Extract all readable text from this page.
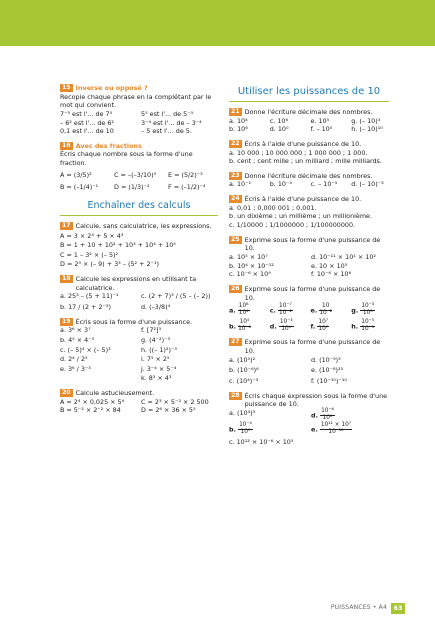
15 Inverse ou opposé ?
Recopie chaque phrase en la complétant par le mot qui convient.
7⁻⁵ est l'... de 7⁵	5⁵ est l'... de 5⁻⁵
– 6² est l'... de 6²	3⁻⁴ est l'... de – 3⁻⁴
0,1 est l'... de 10	– 5 est l'... de 5.
16 Avec des fractions
Écris chaque nombre sous la forme d'une fraction.
A = (3/5)²	C = –(–3/10)⁵	E = (5/2)⁻³
B = (–1/4)⁻¹	D = (1/3)⁻²	F = (–1/2)⁻⁴
Enchaîner des calculs
17 Calcule, sans calculatrice, les expressions.
A = 3 × 2⁴ + 5 × 4³
B = 1 + 10 + 10² + 10³ + 10⁴ + 10⁵
C = 1 – 3² × (– 5)²
D = 2³ × (– 9) + 3³ – (5² + 2⁻¹)
18 Calcule les expressions en utilisant ta calculatrice.
a. 25³ – (5 + 11)⁻¹	c. (2 + 7)³ / (5 – (– 2))
b. 17 / (2 + 2⁻³)	d. (–3/8)⁴
19 Écris sous la forme d'une puissance.
a. 3⁶ × 3⁷	f. [7²]³
b. 4⁵ × 4⁻⁵	g. (4⁻²)⁻³
c. (– 5)⁴ × (– 5)³	h. ((– 1)²)⁻³
d. 2⁴ / 2⁵	i. 7⁵ × 2⁵
e. 3⁶ / 3⁻³	j. 3⁻⁴ × 5⁻⁴
k. 8³ × 4³
20 Calcule astucieusement.
A = 2⁴ × 0,025 × 5⁴	C = 2³ × 5⁻³ × 2 500
B = 5⁻² × 2⁻² × 84	D = 2⁶ × 36 × 5⁵
Utiliser les puissances de 10
21 Donne l'écriture décimale des nombres.
a. 10⁴	c. 10⁶	e. 10⁵	g. (– 10)³
b. 10⁶	d. 10⁰	f. – 10⁰	h. (– 10)¹⁰
22 Écris à l'aide d'une puissance de 10.
a. 10 000 ; 10 000 000 ; 1 000 000 ; 1 000.
b. cent ; cent mille ; un milliard ; mille milliards.
23 Donne l'écriture décimale des nombres.
a. 10⁻¹	b. 10⁻⁴	c. – 10⁻⁵	d. (– 10)⁻³
24 Écris à l'aide d'une puissance de 10.
a. 0,01 ; 0,000 001 ; 0,001.
b. un dixième ; un millième ; un millionième.
c. 1/10000 ; 1/1000000 ; 1/100000000.
25 Exprime sous la forme d'une puissance de 10.
a. 10⁵ × 10⁷	d. 10⁻¹¹ × 10¹ × 10²
b. 10⁴ × 10⁻¹²	e. 10 × 10⁵
c. 10⁻⁶ × 10⁹	f. 10⁻⁶ × 10⁶
26 Exprime sous la forme d'une puissance de 10.
a. $\frac{\text{10⁸}}{\text{10⁴}}$	c. $\frac{\text{10⁻⁷}}{\text{10⁻²}}$	e. $\frac{10}{\text{10⁻²}}$	g. $\frac{\text{10⁻³}}{\text{10⁵}}$
b. $\frac{\text{10⁵}}{\text{10⁻⁴}}$	d. $\frac{\text{10⁻³}}{\text{10⁹}}$	f. $\frac{\text{10⁷}}{\text{10⁷}}$	h. $\frac{\text{10⁻⁵}}{\text{10⁻⁵}}$
27 Exprime sous la forme d'une puissance de 10.
a. (10⁵)²	d. (10⁻⁹)³
b. (10⁻⁶)⁶	e. (10⁻⁸)²⁵
c. (10⁴)⁻³	f. (10⁻¹⁰)⁻¹⁰
28 Écris chaque expression sous la forme d'une puissance de 10.
a. (10⁴)³	d. $\frac{\text{10⁻⁶}}{\text{10⁸}}$
b. $\frac{\text{10⁻⁴}}{\text{10⁹}}$	e. $\frac{\text{10¹¹ × 10⁷}}{\text{10⁻¹⁶}}$
c. 10¹² × 10⁻⁶ × 10⁵
PUISSANCES • A4	63
